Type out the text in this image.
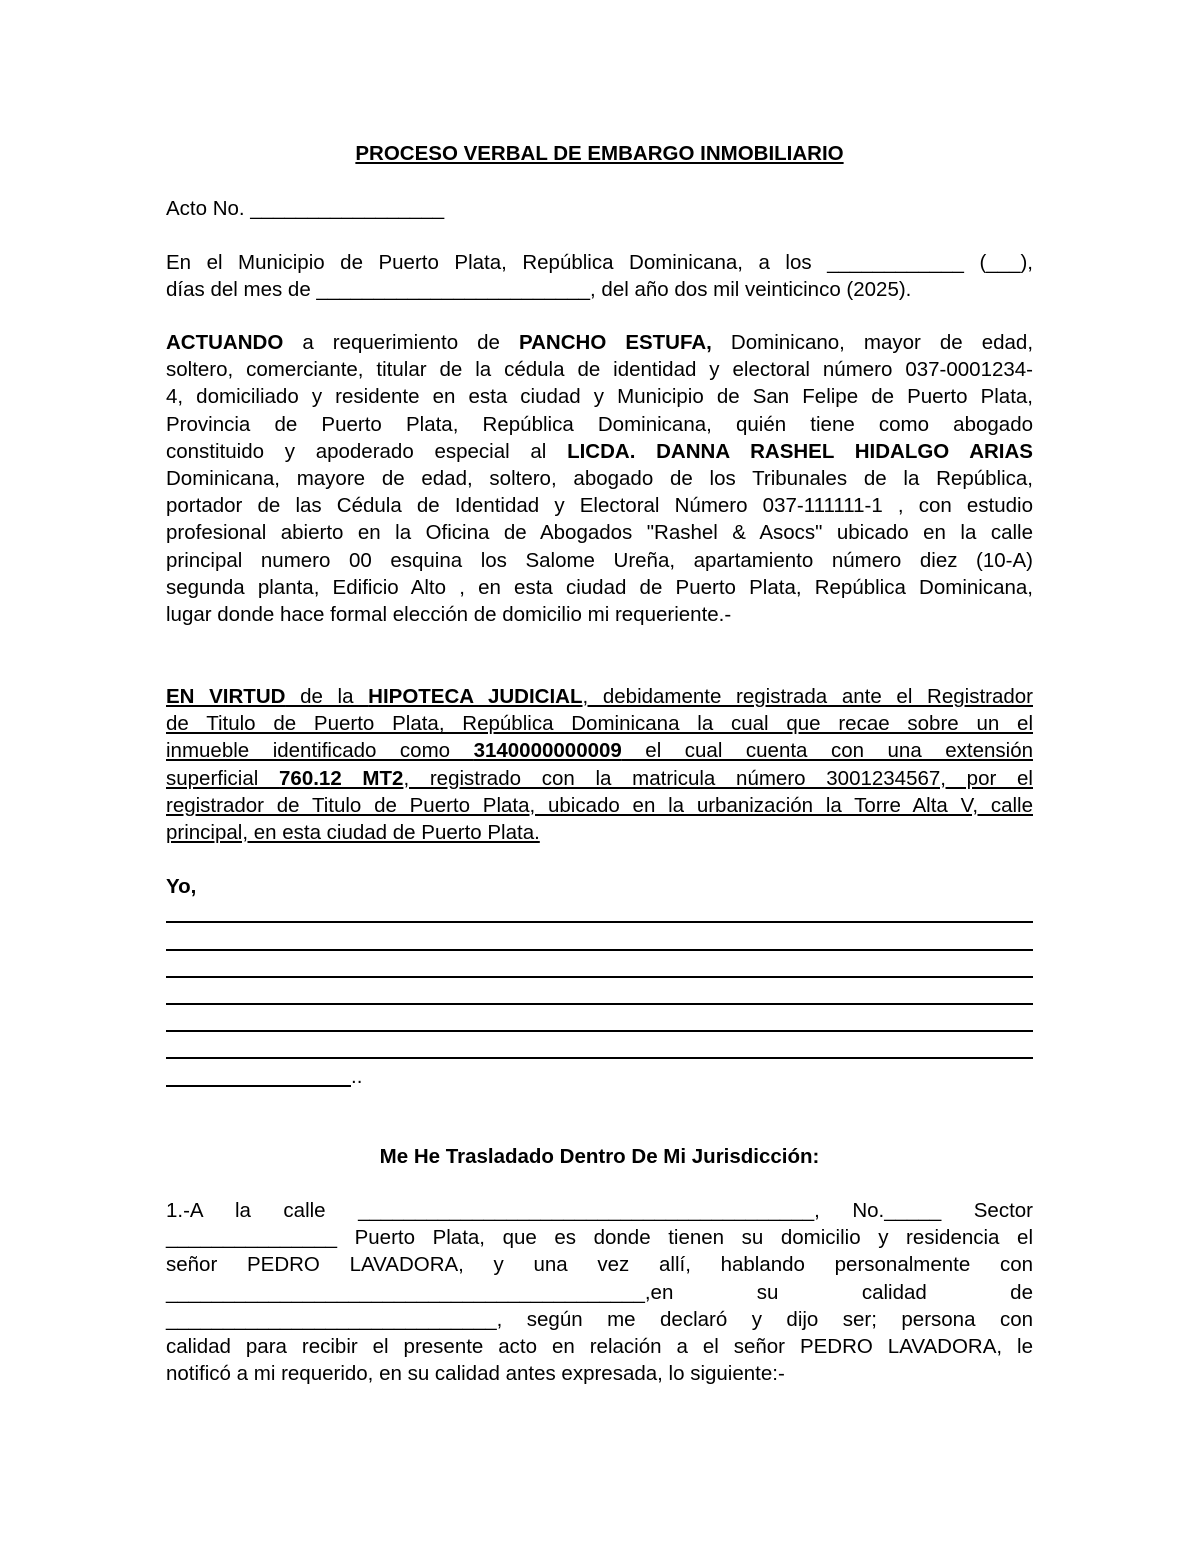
PROCESO VERBAL DE EMBARGO INMOBILIARIO
Acto No. _________________
En el Municipio de Puerto Plata, República Dominicana, a los ____________ (___),
días del mes de ________________________, del año dos mil veinticinco (2025).
ACTUANDO a requerimiento de PANCHO ESTUFA, Dominicano, mayor de edad,
soltero, comerciante, titular de la cédula de identidad y electoral número 037-0001234-
4, domiciliado y residente en esta ciudad y Municipio de San Felipe de Puerto Plata,
Provincia de Puerto Plata, República Dominicana, quién tiene como abogado
constituido y apoderado especial al LICDA. DANNA RASHEL HIDALGO ARIAS
Dominicana, mayore de edad, soltero, abogado de los Tribunales de la República,
portador de las Cédula de Identidad y Electoral Número 037-111111-1 , con estudio
profesional abierto en la Oficina de Abogados "Rashel & Asocs" ubicado en la calle
principal numero 00 esquina los Salome Ureña, apartamiento número diez (10-A)
segunda planta, Edificio Alto , en esta ciudad de Puerto Plata, República Dominicana,
lugar donde hace formal elección de domicilio mi requeriente.-
EN VIRTUD de la HIPOTECA JUDICIAL, debidamente registrada ante el Registrador
de Titulo de Puerto Plata, República Dominicana la cual que recae sobre un el
inmueble identificado como 3140000000009 el cual cuenta con una extensión
superficial 760.12 MT2, registrado con la matricula número 3001234567, por el
registrador de Titulo de Puerto Plata, ubicado en la urbanización la Torre Alta V, calle
principal, en esta ciudad de Puerto Plata.
Yo,
..
Me He Trasladado Dentro De Mi Jurisdicción:
1.-A la calle ________________________________________, No._____ Sector
_______________ Puerto Plata, que es donde tienen su domicilio y residencia el
señor PEDRO LAVADORA, y una vez allí, hablando personalmente con
__________________________________________,en su calidad de
_____________________________, según me declaró y dijo ser; persona con
calidad para recibir el presente acto en relación a el señor PEDRO LAVADORA, le
notificó a mi requerido, en su calidad antes expresada, lo siguiente:-
